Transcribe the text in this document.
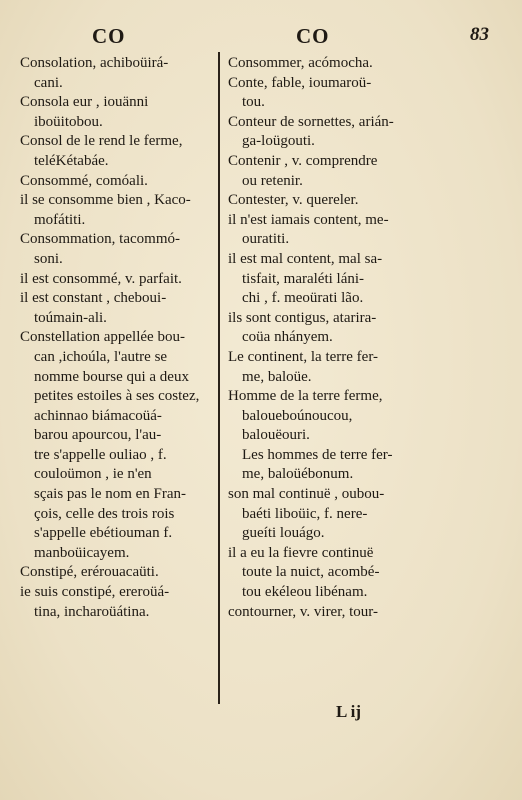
CO	CO	83
Consolation, achiboüirá-
cani.
Consola eur , iouänni
iboüitobou.
Consol de le rend le ferme,
teléKétabáe.
Consommé, comóali.
il se consomme bien , Kaco-
mofátiti.
Consommation, tacommó-
soni.
il est consommé, v. parfait.
il est constant , cheboui-
toúmain-ali.
Constellation appellée bou-
can ,ichoúla, l'autre se
nomme bourse qui a deux
petites estoiles à ses costez,
achinnao biámacoüá-
barou apourcou, l'au-
tre s'appelle ouliao , f.
couloümon , ie n'en
sçais pas le nom en Fran-
çois, celle des trois rois
s'appelle ebétiouman f.
manboüicayem.
Constipé, erérouacaüti.
ie suis constipé, ereroüá-
tina, incharoüátina.
Consommer, acómocha.
Conte, fable, ioumaroü-
tou.
Conteur de sornettes, arián-
ga-loügouti.
Contenir , v. comprendre
ou retenir.
Contester, v. quereler.
il n'est iamais content, me-
ouratiti.
il est mal content, mal sa-
tisfait, maraléti láni-
chi , f. meoürati lão.
ils sont contigus, atarira-
coüa nhányem.
Le continent, la terre fer-
me, baloüe.
Homme de la terre ferme,
baloueboúnoucou,
balouëouri.
Les hommes de terre fer-
me, baloüébonum.
son mal continuë , oubou-
baéti liboüic, f. nere-
gueíti louágo.
il a eu la fievre continuë
toute la nuict, acombé-
tou ekéleou libénam.
contourner, v. virer, tour-
L ij
